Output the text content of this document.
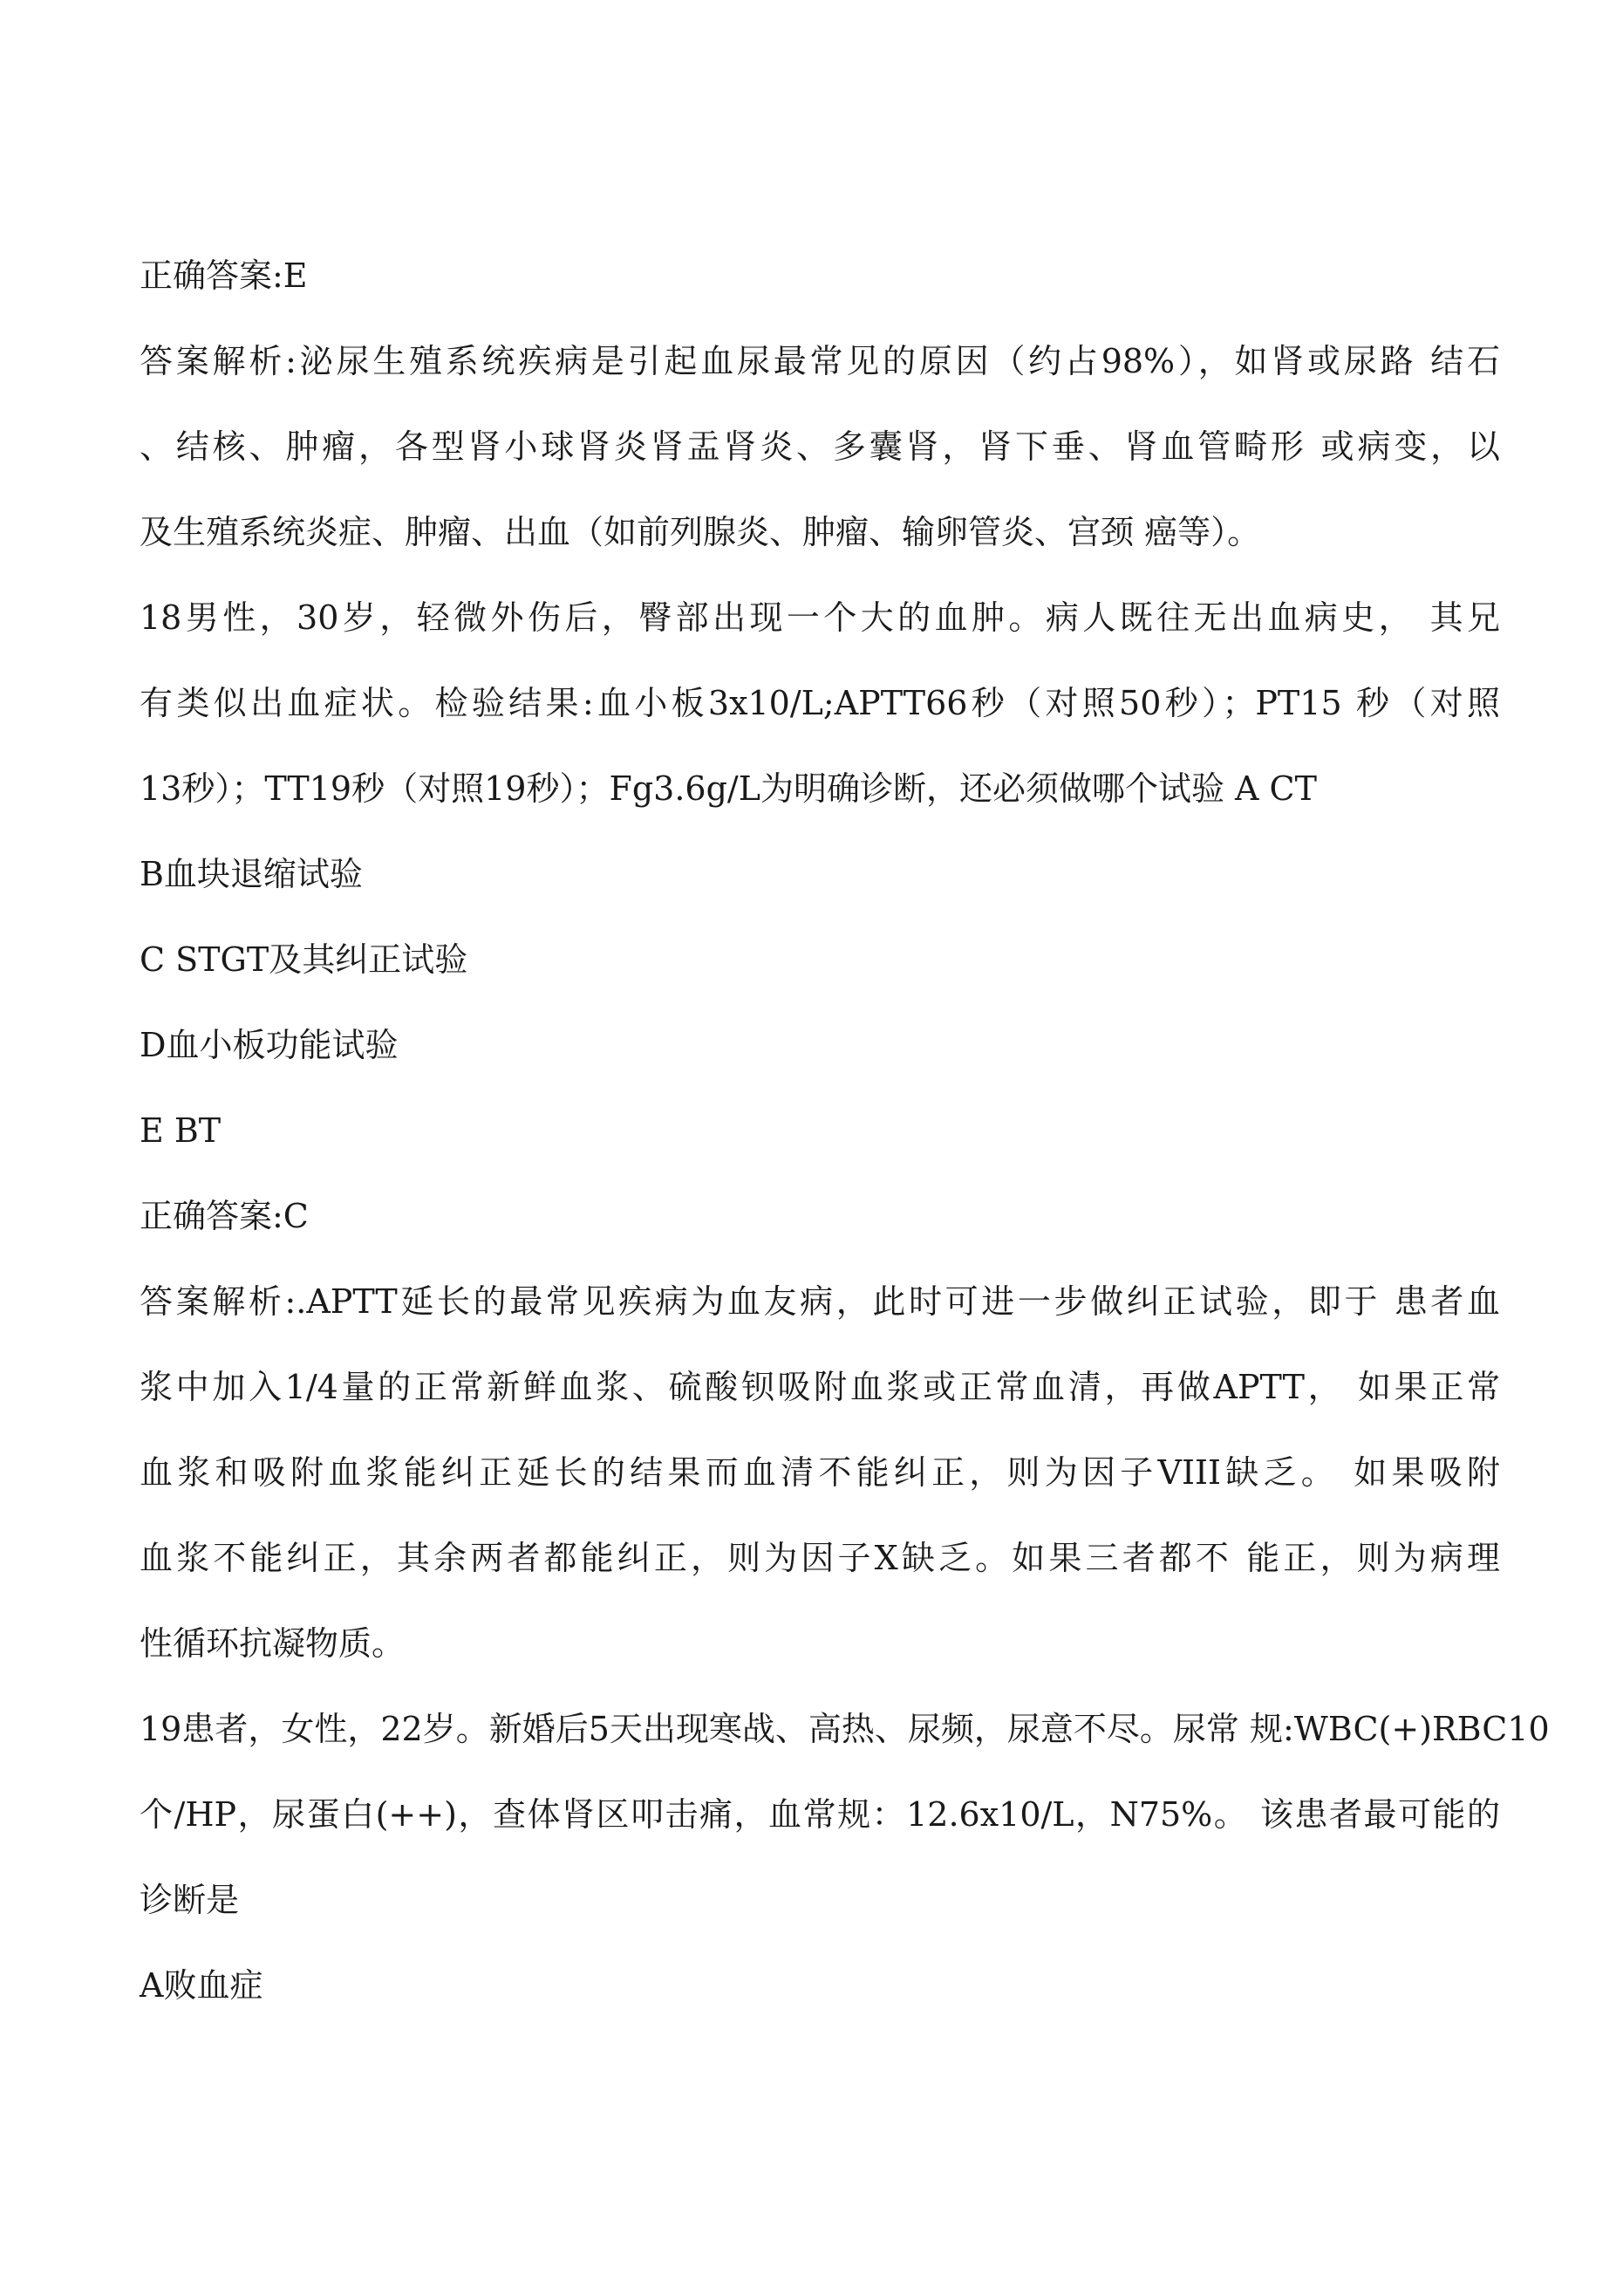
正确答案:E
答案解析:泌尿生殖系统疾病是引起血尿最常见的原因（约占98%），如肾或尿路 结石
、结核、肿瘤，各型肾小球肾炎肾盂肾炎、多囊肾，肾下垂、肾血管畸形 或病变，以
及生殖系统炎症、肿瘤、出血（如前列腺炎、肿瘤、输卵管炎、宫颈 癌等）。
18男性，30岁，轻微外伤后，臀部出现一个大的血肿。病人既往无出血病史， 其兄
有类似出血症状。检验结果:血小板3x10/L;APTT66秒（对照50秒）；PT15 秒（对照
13秒）；TT19秒（对照19秒）；Fg3.6g/L为明确诊断，还必须做哪个试验 A CT
B血块退缩试验
C STGT及其纠正试验
D血小板功能试验
E BT
正确答案:C
答案解析:.APTT延长的最常见疾病为血友病，此时可进一步做纠正试验，即于 患者血
浆中加入1/4量的正常新鲜血浆、硫酸钡吸附血浆或正常血清，再做APTT， 如果正常
血浆和吸附血浆能纠正延长的结果而血清不能纠正，则为因子VIII缺乏。 如果吸附
血浆不能纠正，其余两者都能纠正，则为因子X缺乏。如果三者都不 能正，则为病理
性循环抗凝物质。
19患者，女性，22岁。新婚后5天出现寒战、高热、尿频，尿意不尽。尿常 规:WBC(+)RBC10
个/HP，尿蛋白(++)，查体肾区叩击痛，血常规：12.6x10/L，N75%。 该患者最可能的
诊断是
A败血症
